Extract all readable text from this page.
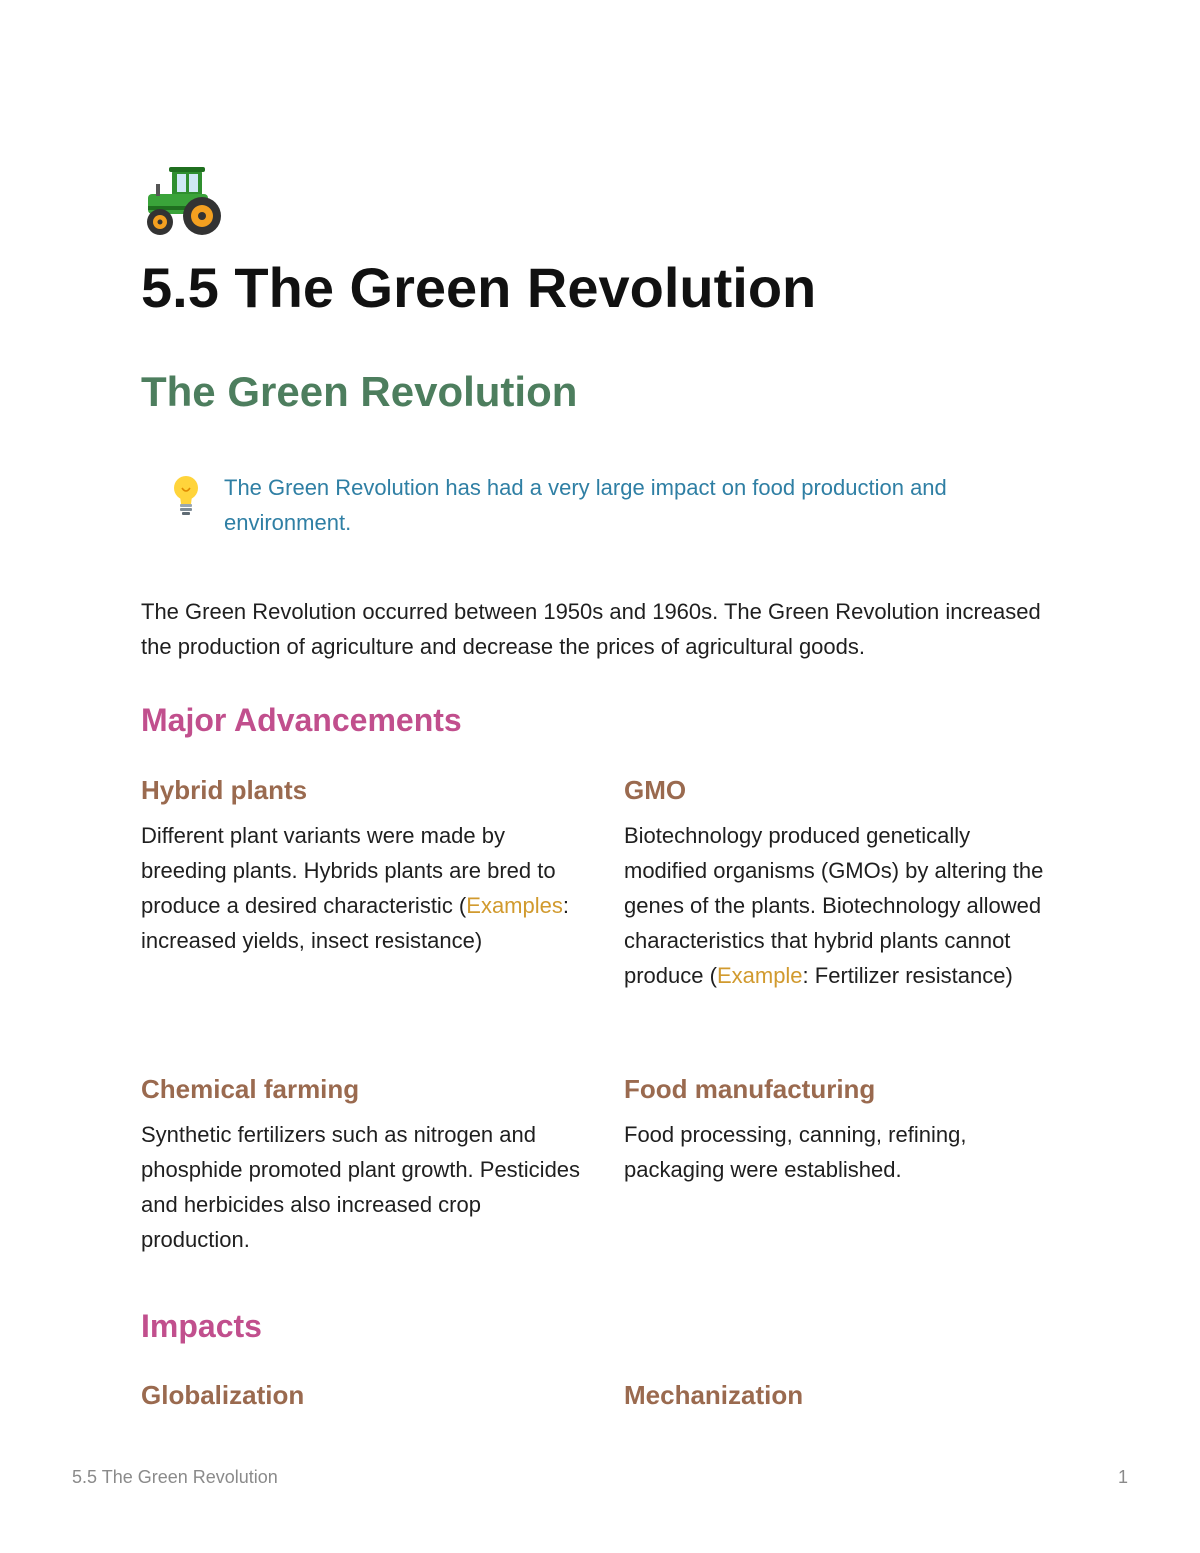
5.5 The Green Revolution
The Green Revolution

The Green Revolution has had a very large impact on food production and environment.

The Green Revolution occurred between 1950s and 1960s. The Green Revolution increased the production of agriculture and decrease the prices of agricultural goods.

Major Advancements
Hybrid plants

Different plant variants were made by breeding plants. Hybrids plants are bred to produce a desired characteristic (Examples: increased yields, insect resistance)

GMO

Biotechnology produced genetically modified organisms (GMOs) by altering the genes of the plants. Biotechnology allowed characteristics that hybrid plants cannot produce (Example: Fertilizer resistance)

Chemical farming

Synthetic fertilizers such as nitrogen and phosphide promoted plant growth. Pesticides and herbicides also increased crop production.

Food manufacturing

Food processing, canning, refining, packaging were established.

Impacts
Globalization	Mechanization

5.5 The Green Revolution	1
